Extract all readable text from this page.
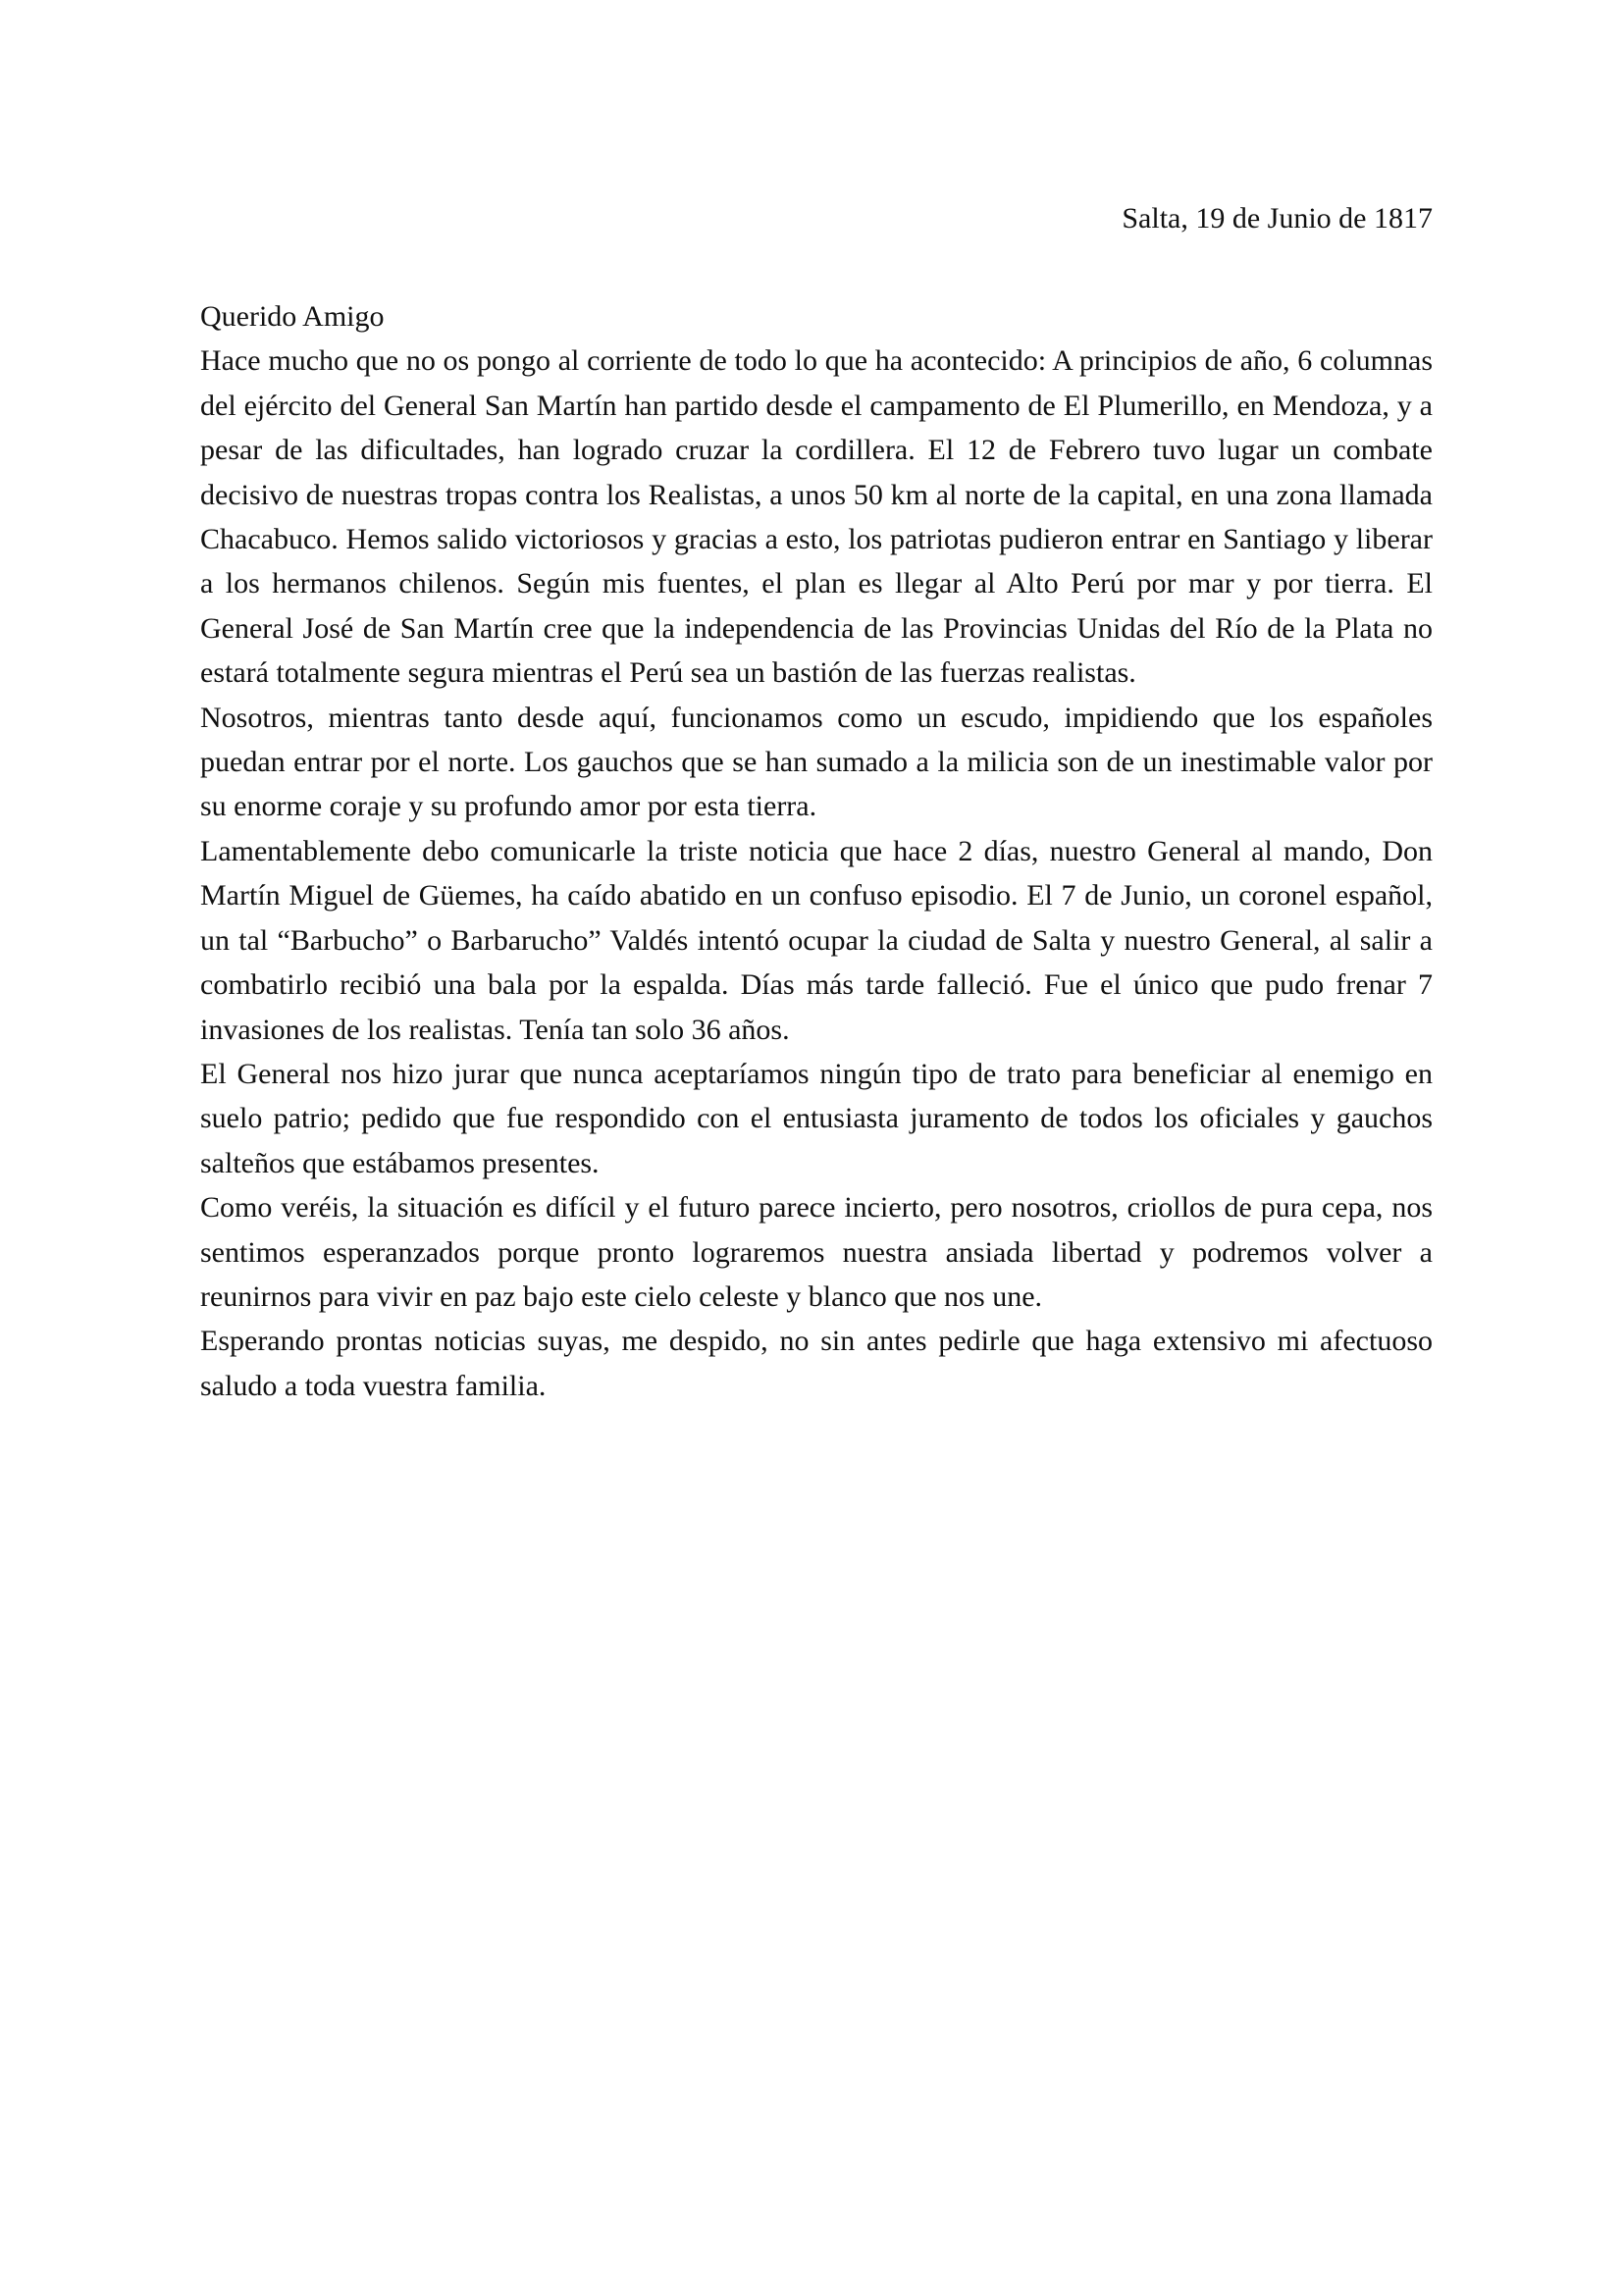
Salta, 19 de Junio de 1817

Querido Amigo

Hace mucho que no os pongo al corriente de todo lo que ha acontecido: A principios de año, 6 columnas del ejército del General San Martín han partido desde el campamento de El Plumerillo, en Mendoza, y a pesar de las dificultades, han logrado cruzar la cordillera. El 12 de Febrero tuvo lugar un combate decisivo de nuestras tropas contra los Realistas, a unos 50 km al norte de la capital, en una zona llamada Chacabuco. Hemos salido victoriosos y gracias a esto, los patriotas pudieron entrar en Santiago y liberar a los hermanos chilenos. Según mis fuentes, el plan es llegar al Alto Perú por mar y por tierra. El General José de San Martín cree que la independencia de las Provincias Unidas del Río de la Plata no estará totalmente segura mientras el Perú sea un bastión de las fuerzas realistas.

Nosotros, mientras tanto desde aquí, funcionamos como un escudo, impidiendo que los españoles puedan entrar por el norte. Los gauchos que se han sumado a la milicia son de un inestimable valor por su enorme coraje y su profundo amor por esta tierra.

Lamentablemente debo comunicarle la triste noticia que hace 2 días, nuestro General al mando, Don Martín Miguel de Güemes, ha caído abatido en un confuso episodio. El 7 de Junio, un coronel español, un tal “Barbucho” o Barbarucho” Valdés intentó ocupar la ciudad de Salta y nuestro General, al salir a combatirlo recibió una bala por la espalda. Días más tarde falleció. Fue el único que pudo frenar 7 invasiones de los realistas. Tenía tan solo 36 años.

El General nos hizo jurar que nunca aceptaríamos ningún tipo de trato para beneficiar al enemigo en suelo patrio; pedido que fue respondido con el entusiasta juramento de todos los oficiales y gauchos salteños que estábamos presentes.

Como veréis, la situación es difícil y el futuro parece incierto, pero nosotros, criollos de pura cepa, nos sentimos esperanzados porque pronto lograremos nuestra ansiada libertad y podremos volver a reunirnos para vivir en paz bajo este cielo celeste y blanco que nos une.

Esperando prontas noticias suyas, me despido, no sin antes pedirle que haga extensivo mi afectuoso saludo a toda vuestra familia.
